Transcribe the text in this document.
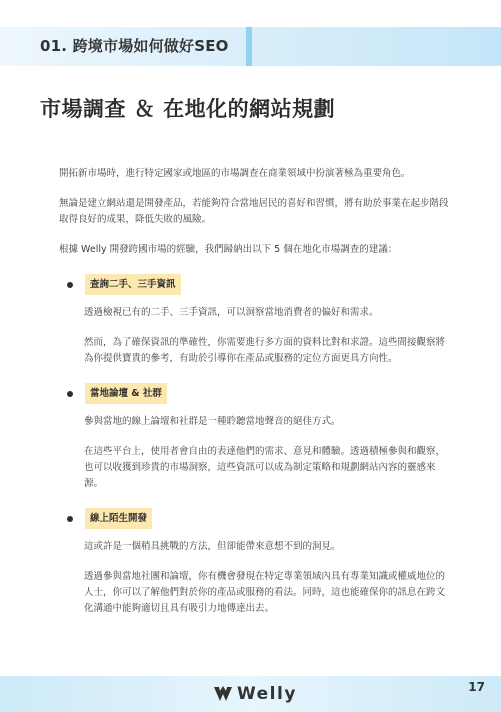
01. 跨境市場如何做好SEO
市場調查 ＆ 在地化的網站規劃

開拓新市場時，進行特定國家或地區的市場調查在商業領域中扮演著極為重要角色。

無論是建立網站還是開發產品，若能夠符合當地居民的喜好和習慣，將有助於事業在起步階段取得良好的成果，降低失敗的風險。

根據 Welly 開發跨國市場的經驗，我們歸納出以下 5 個在地化市場調查的建議：

查詢二手、三手資訊

透過檢視已有的二手、三手資訊，可以洞察當地消費者的偏好和需求。

然而，為了確保資訊的準確性，你需要進行多方面的資料比對和求證。這些間接觀察將為你提供寶貴的參考，有助於引導你在產品或服務的定位方面更具方向性。

當地論壇 & 社群

參與當地的線上論壇和社群是一種聆聽當地聲音的絕佳方式。

在這些平台上，使用者會自由的表達他們的需求、意見和體驗。透過積極參與和觀察，也可以收獲到珍貴的市場洞察，這些資訊可以成為制定策略和規劃網站內容的靈感來源。

線上陌生開發

這或許是一個稍具挑戰的方法，但卻能帶來意想不到的洞見。

透過參與當地社團和論壇，你有機會發現在特定專業領域內具有專業知識或權威地位的人士，你可以了解他們對於你的產品或服務的看法。同時，這也能確保你的訊息在跨文化溝通中能夠適切且具有吸引力地傳達出去。

Welly	17
